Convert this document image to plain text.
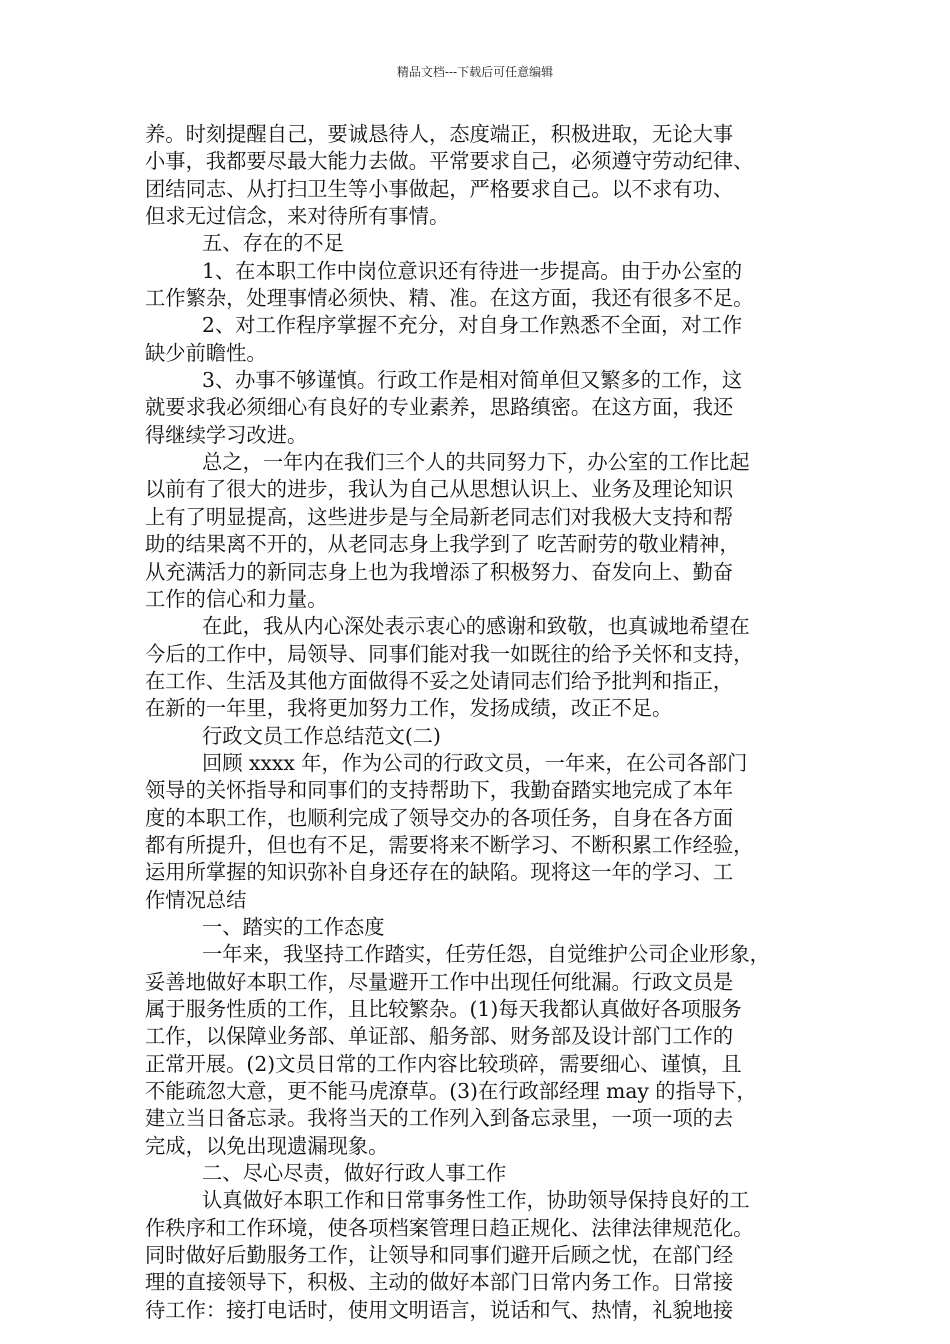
精品文档---下载后可任意编辑
养。时刻提醒自己，要诚恳待人，态度端正，积极进取，无论大事
小事，我都要尽最大能力去做。平常要求自己，必须遵守劳动纪律、
团结同志、从打扫卫生等小事做起，严格要求自己。以不求有功、
但求无过信念，来对待所有事情。
五、存在的不足
1、在本职工作中岗位意识还有待进一步提高。由于办公室的
工作繁杂，处理事情必须快、精、准。在这方面，我还有很多不足。
2、对工作程序掌握不充分，对自身工作熟悉不全面，对工作
缺少前瞻性。
3、办事不够谨慎。行政工作是相对简单但又繁多的工作，这
就要求我必须细心有良好的专业素养，思路缜密。在这方面，我还
得继续学习改进。
总之，一年内在我们三个人的共同努力下，办公室的工作比起
以前有了很大的进步，我认为自己从思想认识上、业务及理论知识
上有了明显提高，这些进步是与全局新老同志们对我极大支持和帮
助的结果离不开的，从老同志身上我学到了 吃苦耐劳的敬业精神，
从充满活力的新同志身上也为我增添了积极努力、奋发向上、勤奋
工作的信心和力量。
在此，我从内心深处表示衷心的感谢和致敬，也真诚地希望在
今后的工作中，局领导、同事们能对我一如既往的给予关怀和支持，
在工作、生活及其他方面做得不妥之处请同志们给予批判和指正，
在新的一年里，我将更加努力工作，发扬成绩，改正不足。
行政文员工作总结范文(二)
回顾 xxxx 年，作为公司的行政文员，一年来，在公司各部门
领导的关怀指导和同事们的支持帮助下，我勤奋踏实地完成了本年
度的本职工作，也顺利完成了领导交办的各项任务，自身在各方面
都有所提升，但也有不足，需要将来不断学习、不断积累工作经验，
运用所掌握的知识弥补自身还存在的缺陷。现将这一年的学习、工
作情况总结
一、踏实的工作态度
一年来，我坚持工作踏实，任劳任怨，自觉维护公司企业形象，
妥善地做好本职工作，尽量避开工作中出现任何纰漏。行政文员是
属于服务性质的工作，且比较繁杂。(1)每天我都认真做好各项服务
工作，以保障业务部、单证部、船务部、财务部及设计部门工作的
正常开展。(2)文员日常的工作内容比较琐碎，需要细心、谨慎，且
不能疏忽大意，更不能马虎潦草。(3)在行政部经理 may 的指导下，
建立当日备忘录。我将当天的工作列入到备忘录里，一项一项的去
完成，以免出现遗漏现象。
二、尽心尽责，做好行政人事工作
认真做好本职工作和日常事务性工作，协助领导保持良好的工
作秩序和工作环境，使各项档案管理日趋正规化、法律法律规范化。
同时做好后勤服务工作，让领导和同事们避开后顾之忧，在部门经
理的直接领导下，积极、主动的做好本部门日常内务工作。日常接
待工作：接打电话时，使用文明语言，说话和气、热情，礼貌地接
